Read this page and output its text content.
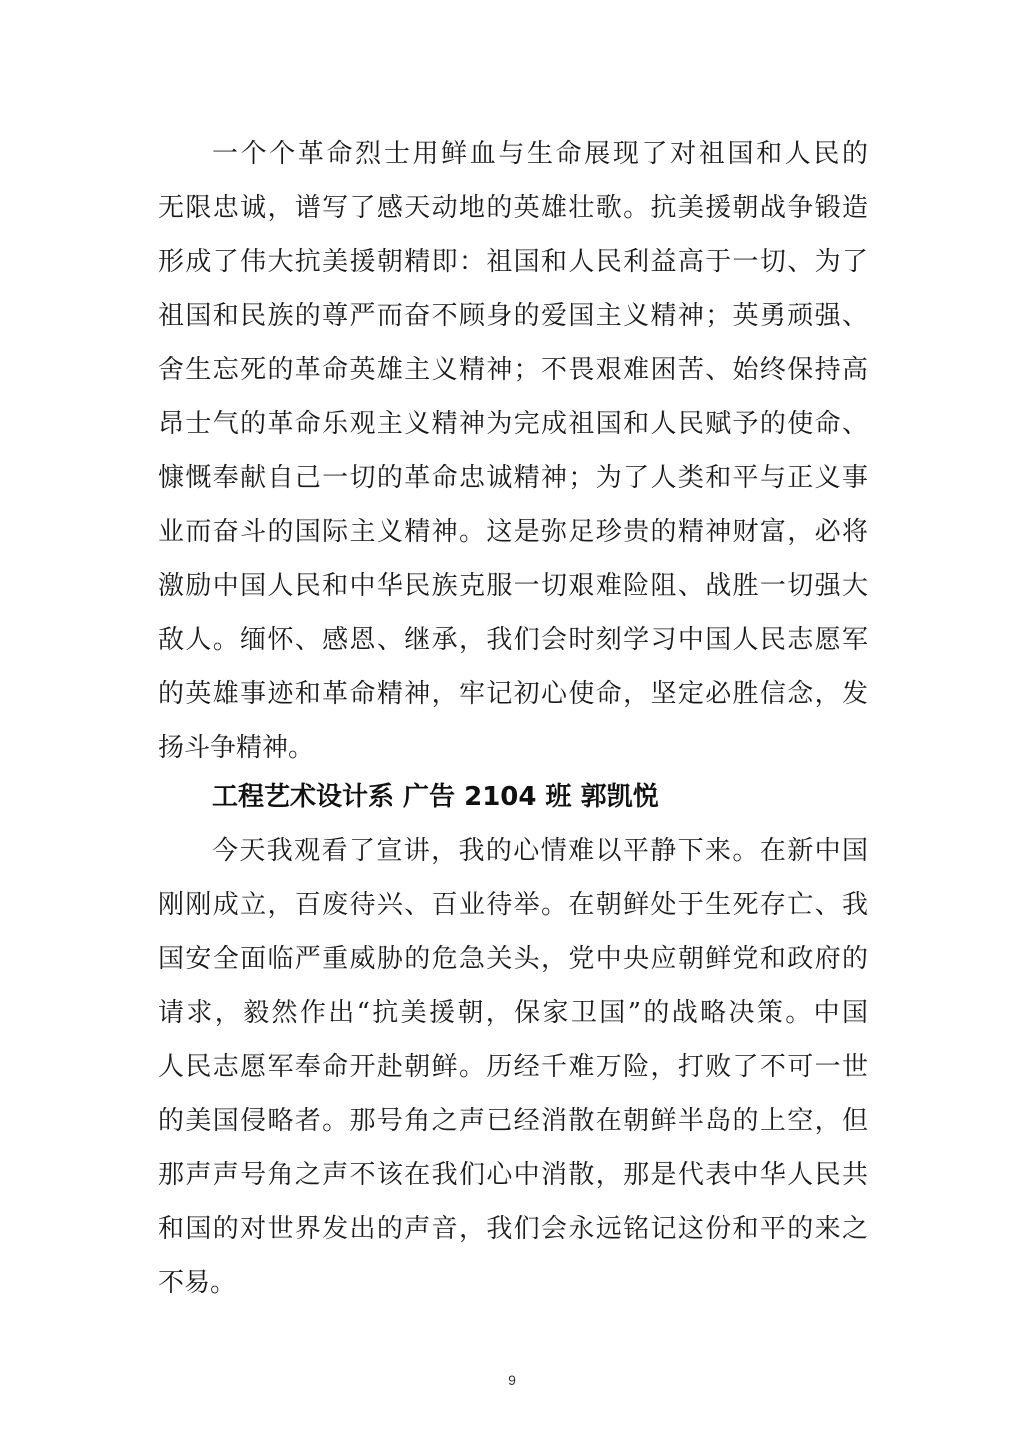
一个个革命烈士用鲜血与生命展现了对祖国和人民的
无限忠诚，谱写了感天动地的英雄壮歌。抗美援朝战争锻造
形成了伟大抗美援朝精即：祖国和人民利益高于一切、为了
祖国和民族的尊严而奋不顾身的爱国主义精神；英勇顽强、
舍生忘死的革命英雄主义精神；不畏艰难困苦、始终保持高
昂士气的革命乐观主义精神为完成祖国和人民赋予的使命、
慷慨奉献自己一切的革命忠诚精神；为了人类和平与正义事
业而奋斗的国际主义精神。这是弥足珍贵的精神财富，必将
激励中国人民和中华民族克服一切艰难险阻、战胜一切强大
敌人。缅怀、感恩、继承，我们会时刻学习中国人民志愿军
的英雄事迹和革命精神，牢记初心使命，坚定必胜信念，发
扬斗争精神。
工程艺术设计系 广告 2104 班 郭凯悦
今天我观看了宣讲，我的心情难以平静下来。在新中国
刚刚成立，百废待兴、百业待举。在朝鲜处于生死存亡、我
国安全面临严重威胁的危急关头，党中央应朝鲜党和政府的
请求，毅然作出“抗美援朝，保家卫国”的战略决策。中国
人民志愿军奉命开赴朝鲜。历经千难万险，打败了不可一世
的美国侵略者。那号角之声已经消散在朝鲜半岛的上空，但
那声声号角之声不该在我们心中消散，那是代表中华人民共
和国的对世界发出的声音，我们会永远铭记这份和平的来之
不易。
9
